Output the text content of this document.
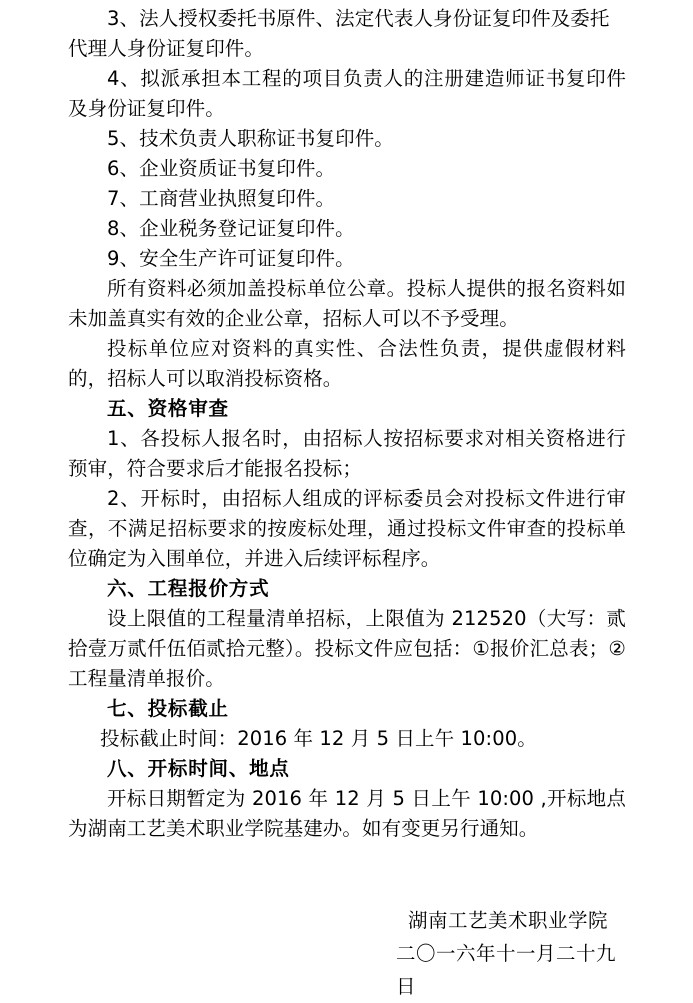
3、法人授权委托书原件、法定代表人身份证复印件及委托代理人身份证复印件。

4、拟派承担本工程的项目负责人的注册建造师证书复印件及身份证复印件。

5、技术负责人职称证书复印件。

6、企业资质证书复印件。

7、工商营业执照复印件。

8、企业税务登记证复印件。

9、安全生产许可证复印件。

所有资料必须加盖投标单位公章。投标人提供的报名资料如未加盖真实有效的企业公章，招标人可以不予受理。

投标单位应对资料的真实性、合法性负责，提供虚假材料的，招标人可以取消投标资格。

五、资格审查

1、各投标人报名时，由招标人按招标要求对相关资格进行预审，符合要求后才能报名投标；

2、开标时，由招标人组成的评标委员会对投标文件进行审查，不满足招标要求的按废标处理，通过投标文件审查的投标单位确定为入围单位，并进入后续评标程序。

六、工程报价方式

设上限值的工程量清单招标，上限值为 212520（大写：贰拾壹万贰仟伍佰贰拾元整）。投标文件应包括：①报价汇总表；②工程量清单报价。

七、投标截止

投标截止时间：2016 年 12 月 5 日上午 10:00。

八、开标时间、地点

开标日期暂定为 2016 年 12 月 5 日上午 10:00 ,开标地点为湖南工艺美术职业学院基建办。如有变更另行通知。

湖南工艺美术职业学院
二〇一六年十一月二十九日
